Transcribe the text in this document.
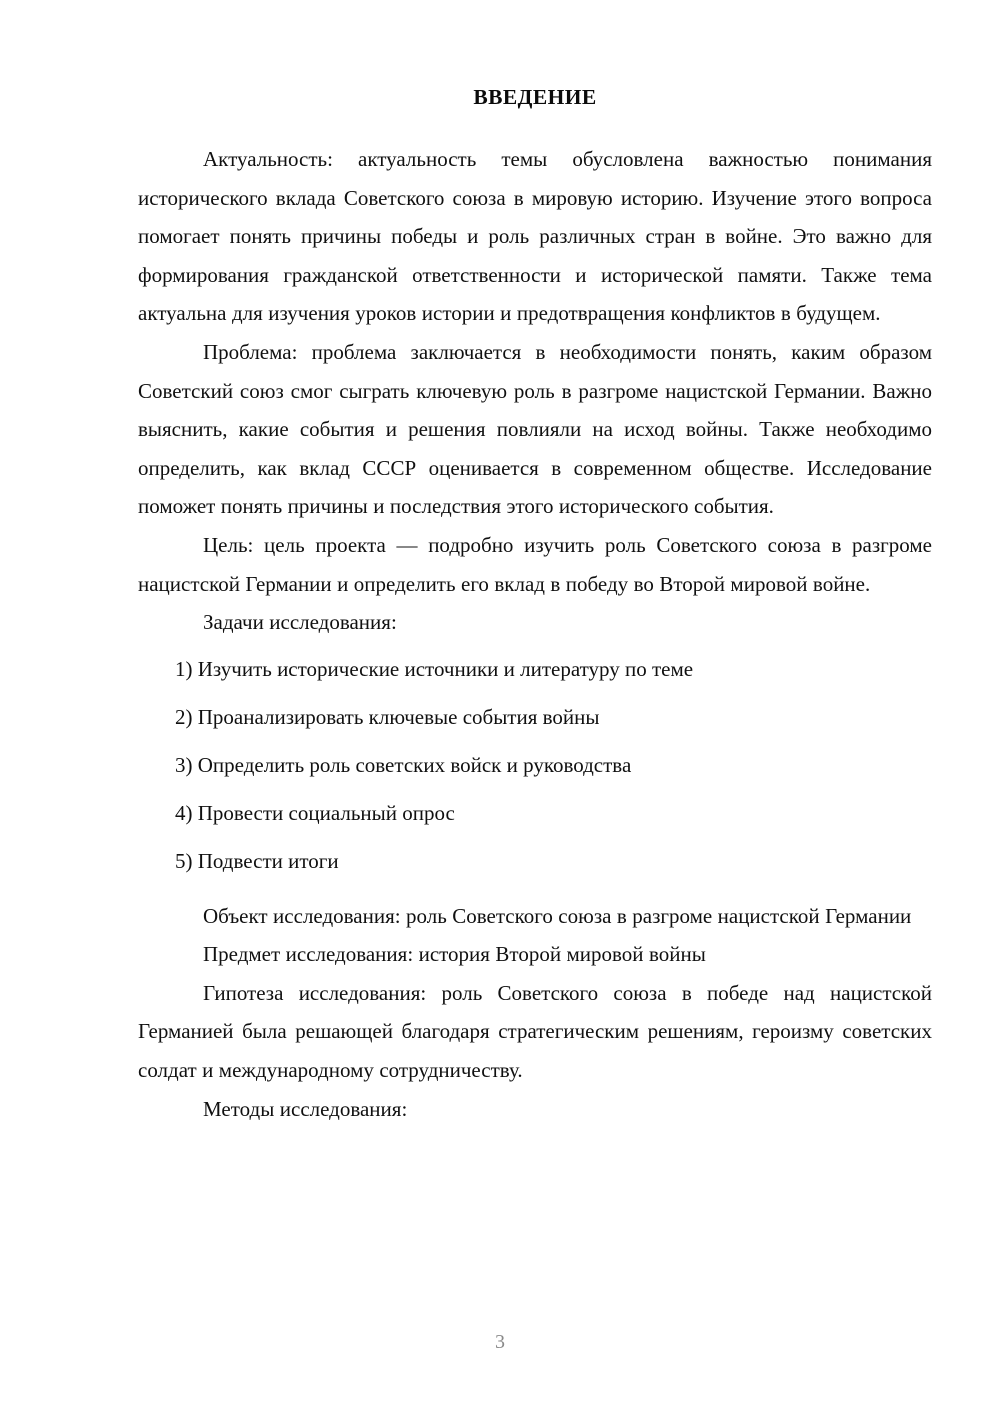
ВВЕДЕНИЕ

Актуальность: актуальность темы обусловлена важностью понимания исторического вклада Советского союза в мировую историю. Изучение этого вопроса помогает понять причины победы и роль различных стран в войне. Это важно для формирования гражданской ответственности и исторической памяти. Также тема актуальна для изучения уроков истории и предотвращения конфликтов в будущем.

Проблема: проблема заключается в необходимости понять, каким образом Советский союз смог сыграть ключевую роль в разгроме нацистской Германии. Важно выяснить, какие события и решения повлияли на исход войны. Также необходимо определить, как вклад СССР оценивается в современном обществе. Исследование поможет понять причины и последствия этого исторического события.

Цель: цель проекта — подробно изучить роль Советского союза в разгроме нацистской Германии и определить его вклад в победу во Второй мировой войне.

Задачи исследования:

1) Изучить исторические источники и литературу по теме
2) Проанализировать ключевые события войны
3) Определить роль советских войск и руководства
4) Провести социальный опрос
5) Подвести итоги

Объект исследования: роль Советского союза в разгроме нацистской Германии

Предмет исследования: история Второй мировой войны

Гипотеза исследования: роль Советского союза в победе над нацистской Германией была решающей благодаря стратегическим решениям, героизму советских солдат и международному сотрудничеству.

Методы исследования:

3
